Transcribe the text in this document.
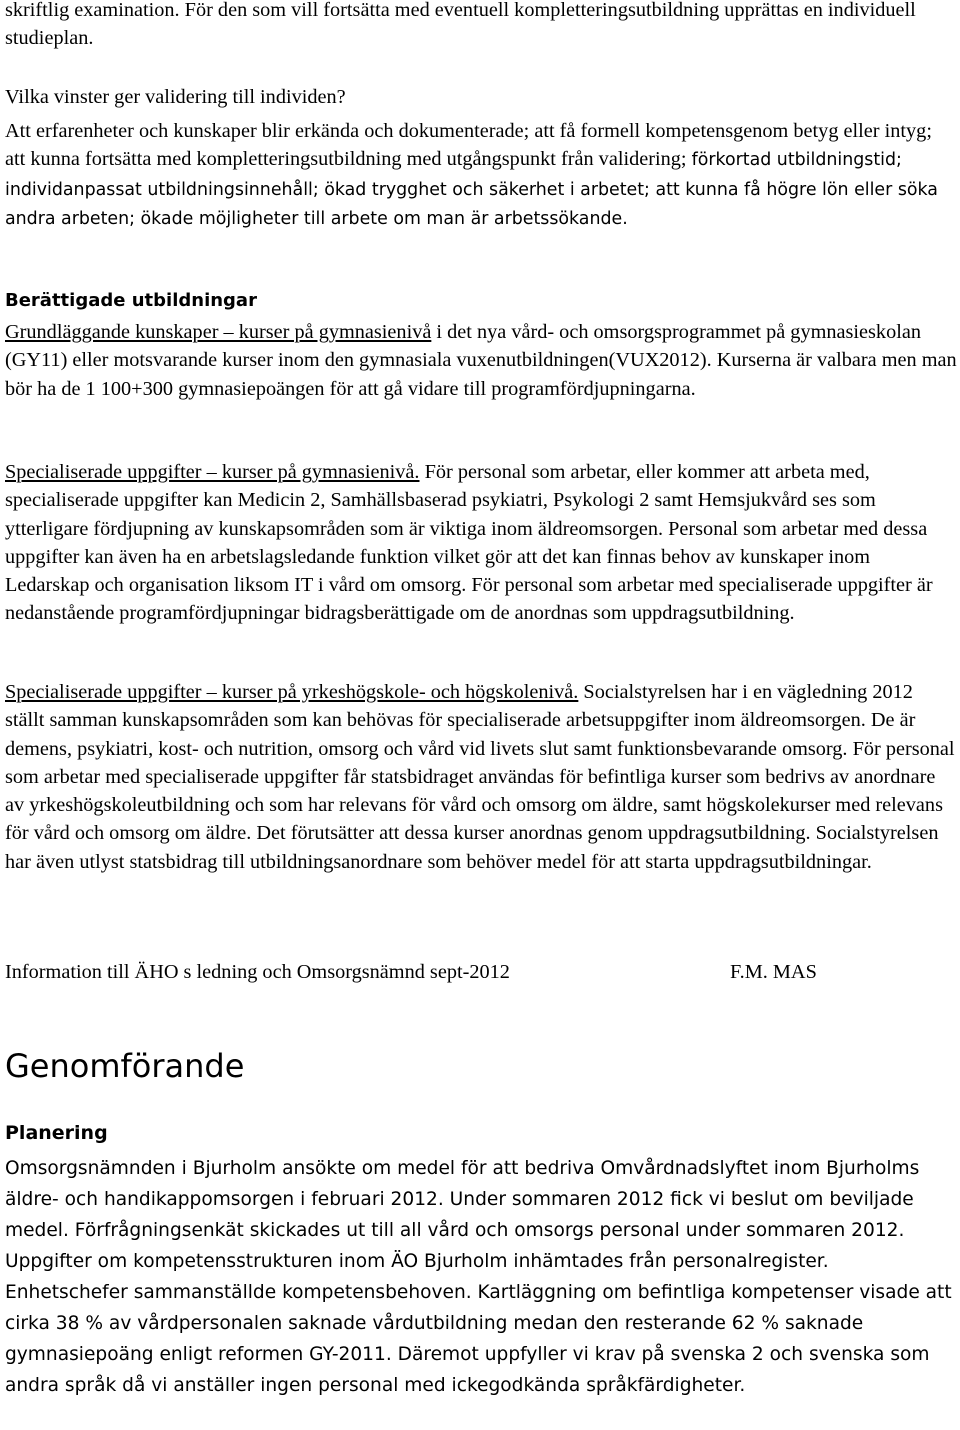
skriftlig examination. För den som vill fortsätta med eventuell kompletteringsutbildning upprättas en individuell studieplan.

Vilka vinster ger validering till individen?

Att erfarenheter och kunskaper blir erkända och dokumenterade; att få formell kompetensgenom betyg eller intyg; att kunna fortsätta med kompletteringsutbildning med utgångspunkt från validering; förkortad utbildningstid; individanpassat utbildningsinnehåll; ökad trygghet och säkerhet i arbetet; att kunna få högre lön eller söka andra arbeten; ökade möjligheter till arbete om man är arbetssökande.

Berättigade utbildningar

Grundläggande kunskaper – kurser på gymnasienivå i det nya vård- och omsorgsprogrammet på gymnasieskolan (GY11) eller motsvarande kurser inom den gymnasiala vuxenutbildningen(VUX2012). Kurserna är valbara men man bör ha de 1 100+300 gymnasiepoängen för att gå vidare till programfördjupningarna.

Specialiserade uppgifter – kurser på gymnasienivå. För personal som arbetar, eller kommer att arbeta med, specialiserade uppgifter kan Medicin 2, Samhällsbaserad psykiatri, Psykologi 2 samt Hemsjukvård ses som ytterligare fördjupning av kunskapsområden som är viktiga inom äldreomsorgen. Personal som arbetar med dessa uppgifter kan även ha en arbetslagsledande funktion vilket gör att det kan finnas behov av kunskaper inom Ledarskap och organisation liksom IT i vård om omsorg. För personal som arbetar med specialiserade uppgifter är nedanstående programfördjupningar bidragsberättigade om de anordnas som uppdragsutbildning.

Specialiserade uppgifter – kurser på yrkeshögskole- och högskolenivå. Socialstyrelsen har i en vägledning 2012 ställt samman kunskapsområden som kan behövas för specialiserade arbetsuppgifter inom äldreomsorgen. De är demens, psykiatri, kost- och nutrition, omsorg och vård vid livets slut samt funktionsbevarande omsorg. För personal som arbetar med specialiserade uppgifter får statsbidraget användas för befintliga kurser som bedrivs av anordnare av yrkeshögskoleutbildning och som har relevans för vård och omsorg om äldre, samt högskolekurser med relevans för vård och omsorg om äldre. Det förutsätter att dessa kurser anordnas genom uppdragsutbildning. Socialstyrelsen har även utlyst statsbidrag till utbildningsanordnare som behöver medel för att starta uppdragsutbildningar.

Information till ÄHO s ledning och Omsorgsnämnd sept-2012	F.M. MAS
Genomförande
Planering

Omsorgsnämnden i Bjurholm ansökte om medel för att bedriva Omvårdnadslyftet inom Bjurholms äldre- och handikappomsorgen i februari 2012. Under sommaren 2012 fick vi beslut om beviljade medel. Förfrågningsenkät skickades ut till all vård och omsorgs personal under sommaren 2012. Uppgifter om kompetensstrukturen inom ÄO Bjurholm inhämtades från personalregister. Enhetschefer sammanställde kompetensbehoven. Kartläggning om befintliga kompetenser visade att cirka 38 % av vårdpersonalen saknade vårdutbildning medan den resterande 62 % saknade gymnasiepoäng enligt reformen GY-2011. Däremot uppfyller vi krav på svenska 2 och svenska som andra språk då vi anställer ingen personal med ickegodkända språkfärdigheter.
